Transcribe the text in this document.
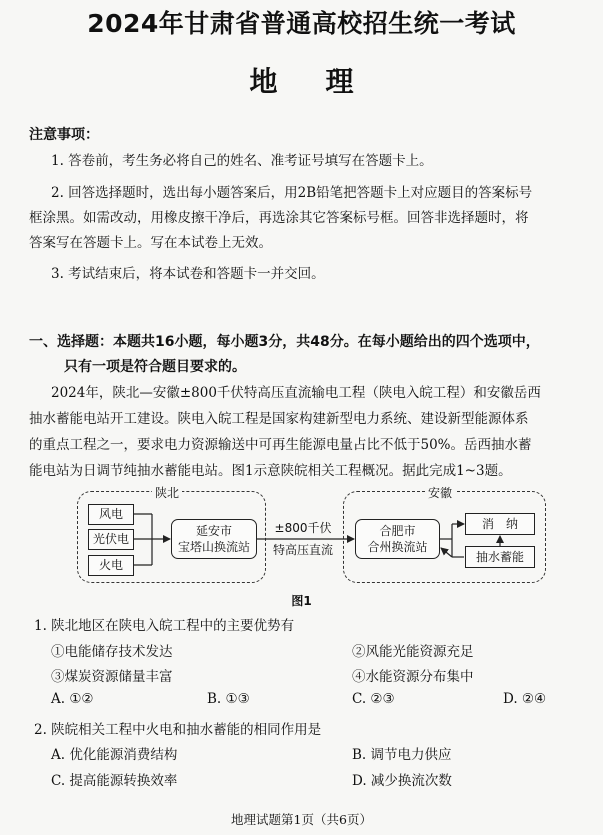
2024年甘肃省普通高校招生统一考试
地理
注意事项：
1. 答卷前，考生务必将自己的姓名、准考证号填写在答题卡上。
2. 回答选择题时，选出每小题答案后，用2B铅笔把答题卡上对应题目的答案标号
框涂黑。如需改动，用橡皮擦干净后，再选涂其它答案标号框。回答非选择题时，将
答案写在答题卡上。写在本试卷上无效。
3. 考试结束后，将本试卷和答题卡一并交回。
一、选择题：本题共16小题，每小题3分，共48分。在每小题给出的四个选项中，
只有一项是符合题目要求的。
2024年，陕北—安徽±800千伏特高压直流输电工程（陕电入皖工程）和安徽岳西
抽水蓄能电站开工建设。陕电入皖工程是国家构建新型电力系统、建设新型能源体系
的重点工程之一，要求电力资源输送中可再生能源电量占比不低于50%。岳西抽水蓄
能电站为日调节纯抽水蓄能电站。图1示意陕皖相关工程概况。据此完成1~3题。
陕北	安徽
风电
光伏电
火电
延安市
宝塔山换流站
±800千伏
特高压直流
合肥市
合州换流站
消　纳
抽水蓄能
图1
1. 陕北地区在陕电入皖工程中的主要优势有
①电能储存技术发达	②风能光能资源充足
③煤炭资源储量丰富	④水能资源分布集中
A. ①②	B. ①③	C. ②③	D. ②④
2. 陕皖相关工程中火电和抽水蓄能的相同作用是
A. 优化能源消费结构	B. 调节电力供应
C. 提高能源转换效率	D. 减少换流次数
地理试题第1页（共6页）
